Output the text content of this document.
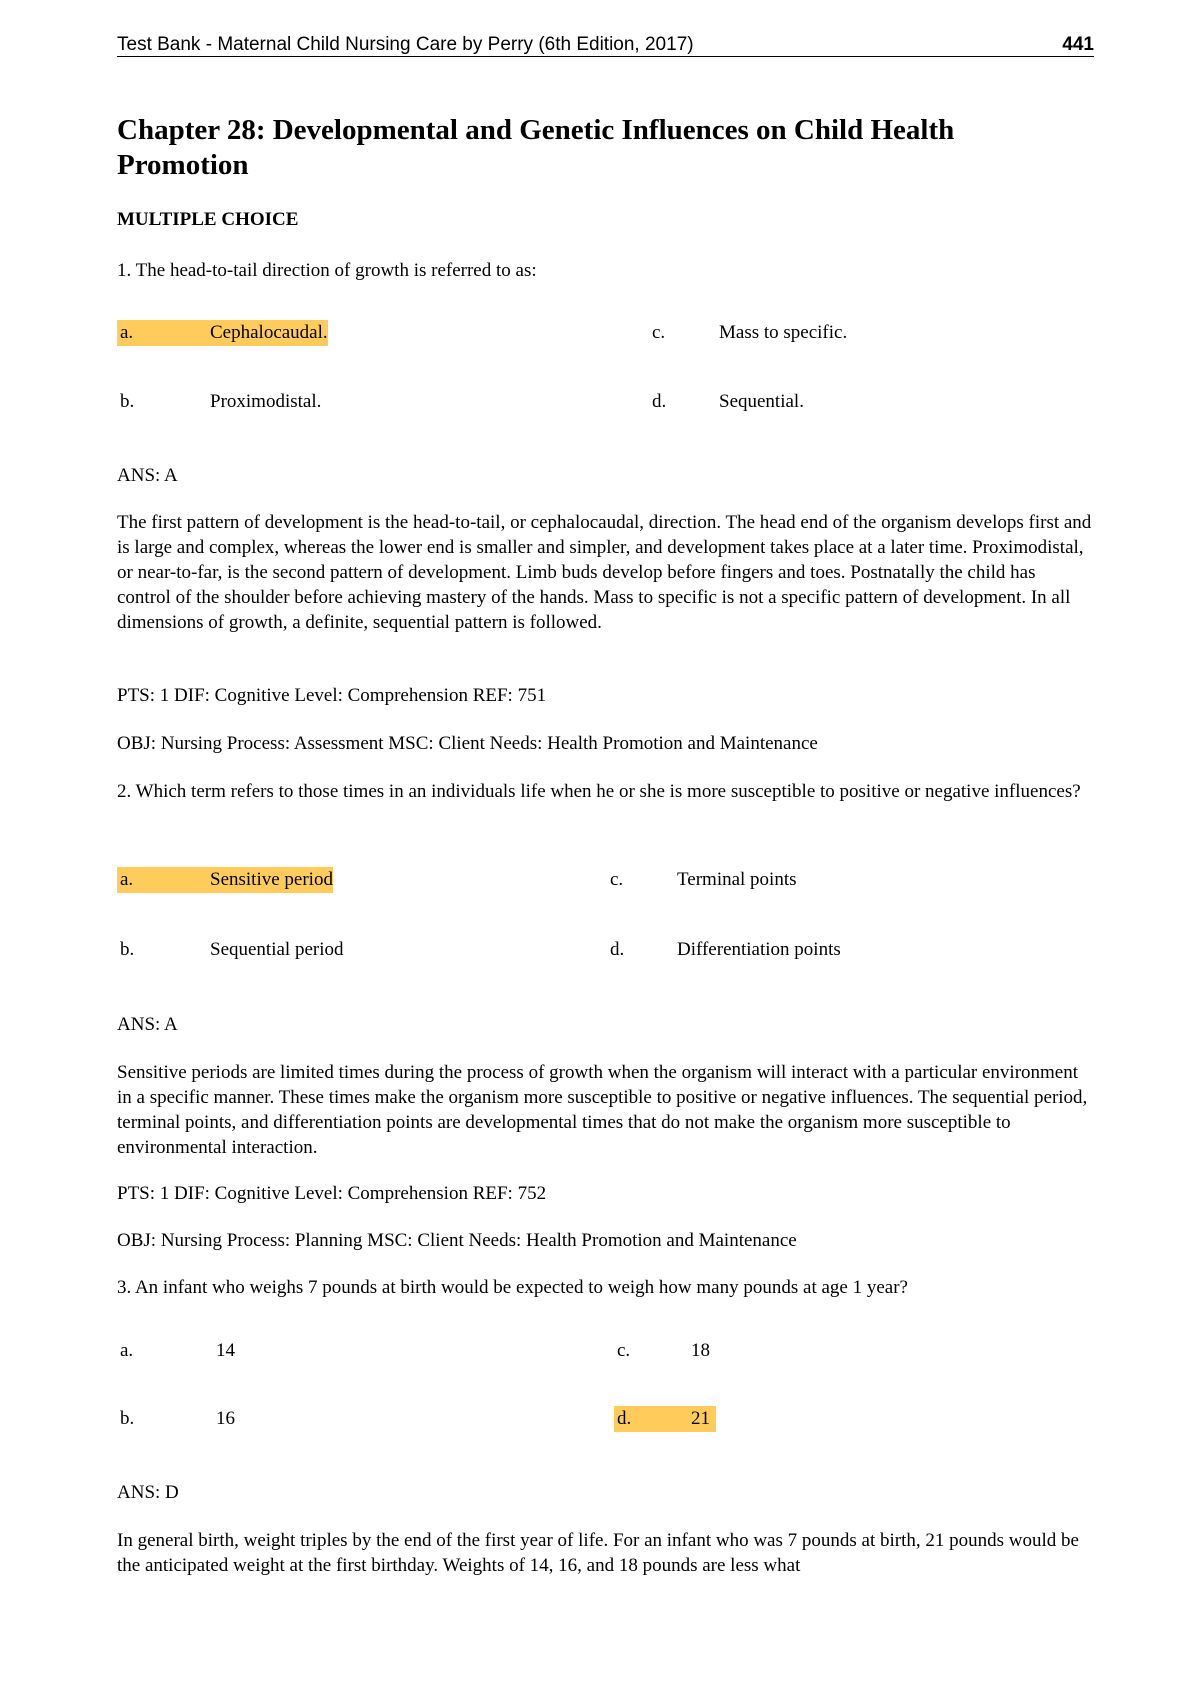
Test Bank - Maternal Child Nursing Care by Perry (6th Edition, 2017)	441
Chapter 28: Developmental and Genetic Influences on Child Health Promotion
MULTIPLE CHOICE

1. The head-to-tail direction of growth is referred to as:

a.	Cephalocaudal.	c.	Mass to specific.
b.	Proximodistal.	d.	Sequential.

ANS: A

The first pattern of development is the head-to-tail, or cephalocaudal, direction. The head end of the organism develops first and is large and complex, whereas the lower end is smaller and simpler, and development takes place at a later time. Proximodistal, or near-to-far, is the second pattern of development. Limb buds develop before fingers and toes. Postnatally the child has control of the shoulder before achieving mastery of the hands. Mass to specific is not a specific pattern of development. In all dimensions of growth, a definite, sequential pattern is followed.

PTS: 1 DIF: Cognitive Level: Comprehension REF: 751

OBJ: Nursing Process: Assessment MSC: Client Needs: Health Promotion and Maintenance

2. Which term refers to those times in an individuals life when he or she is more susceptible to positive or negative influences?

a.	Sensitive period	c.	Terminal points
b.	Sequential period	d.	Differentiation points

ANS: A

Sensitive periods are limited times during the process of growth when the organism will interact with a particular environment in a specific manner. These times make the organism more susceptible to positive or negative influences. The sequential period, terminal points, and differentiation points are developmental times that do not make the organism more susceptible to environmental interaction.

PTS: 1 DIF: Cognitive Level: Comprehension REF: 752

OBJ: Nursing Process: Planning MSC: Client Needs: Health Promotion and Maintenance

3. An infant who weighs 7 pounds at birth would be expected to weigh how many pounds at age 1 year?

a.	14	c.	18
b.	16	d.	21

ANS: D

In general birth, weight triples by the end of the first year of life. For an infant who was 7 pounds at birth, 21 pounds would be the anticipated weight at the first birthday. Weights of 14, 16, and 18 pounds are less what
